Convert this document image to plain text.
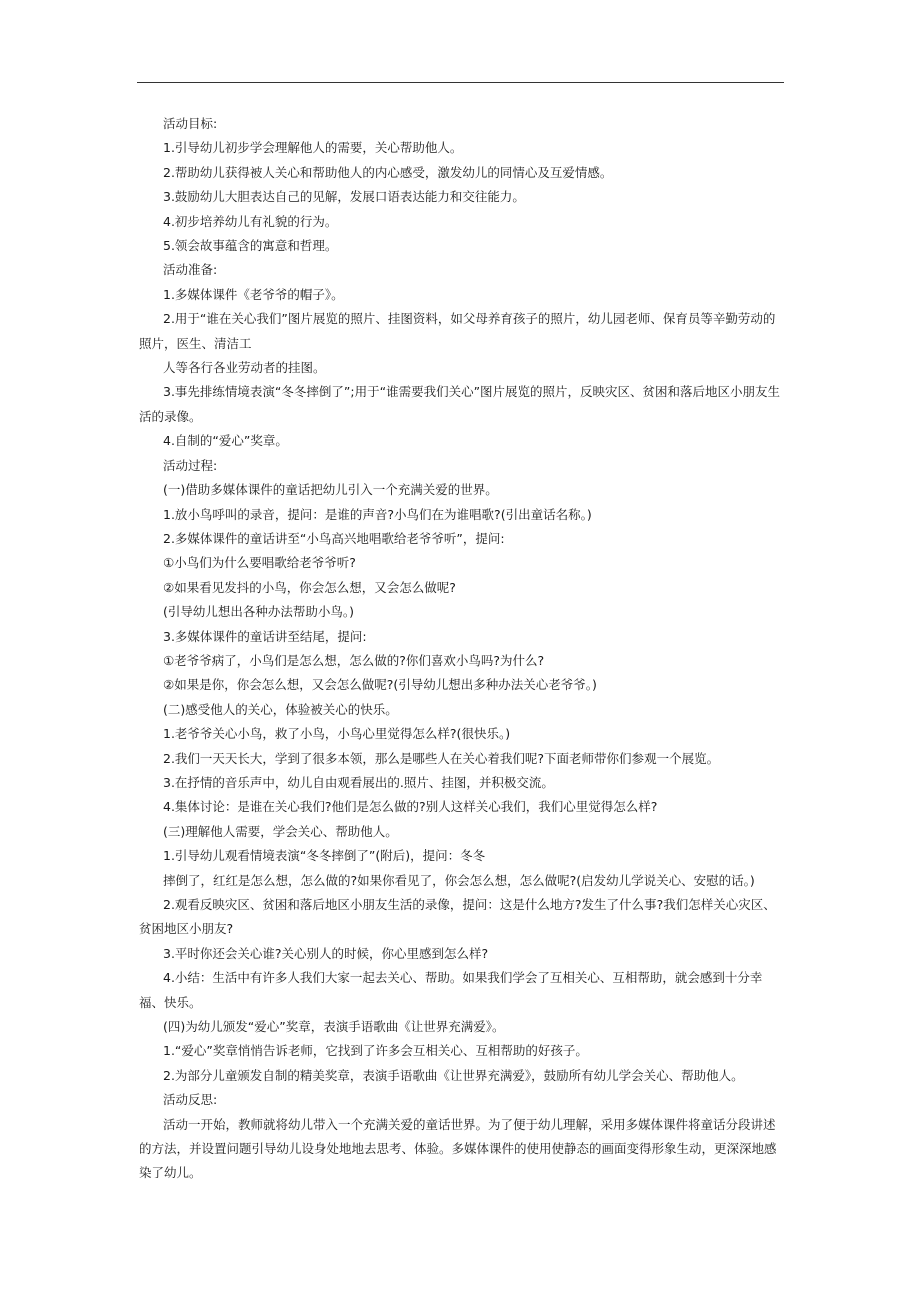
活动目标:

1.引导幼儿初步学会理解他人的需要，关心帮助他人。

2.帮助幼儿获得被人关心和帮助他人的内心感受，激发幼儿的同情心及互爱情感。

3.鼓励幼儿大胆表达自己的见解，发展口语表达能力和交往能力。

4.初步培养幼儿有礼貌的行为。

5.领会故事蕴含的寓意和哲理。

活动准备:

1.多媒体课件《老爷爷的帽子》。

2.用于“谁在关心我们”图片展览的照片、挂图资料，如父母养育孩子的照片，幼儿园老师、保育员等辛勤劳动的照片，医生、清洁工

人等各行各业劳动者的挂图。

3.事先排练情境表演“冬冬摔倒了”;用于“谁需要我们关心”图片展览的照片，反映灾区、贫困和落后地区小朋友生活的录像。

4.自制的“爱心”奖章。

活动过程:

(一)借助多媒体课件的童话把幼儿引入一个充满关爱的世界。

1.放小鸟呼叫的录音，提问：是谁的声音?小鸟们在为谁唱歌?(引出童话名称。)

2.多媒体课件的童话讲至“小鸟高兴地唱歌给老爷爷听”，提问:

①小鸟们为什么要唱歌给老爷爷听?

②如果看见发抖的小鸟，你会怎么想，又会怎么做呢?

(引导幼儿想出各种办法帮助小鸟。)

3.多媒体课件的童话讲至结尾，提问:

①老爷爷病了，小鸟们是怎么想，怎么做的?你们喜欢小鸟吗?为什么?

②如果是你，你会怎么想，又会怎么做呢?(引导幼儿想出多种办法关心老爷爷。)

(二)感受他人的关心，体验被关心的快乐。

1.老爷爷关心小鸟，救了小鸟，小鸟心里觉得怎么样?(很快乐。)

2.我们一天天长大，学到了很多本领，那么是哪些人在关心着我们呢?下面老师带你们参观一个展览。

3.在抒情的音乐声中，幼儿自由观看展出的.照片、挂图，并积极交流。

4.集体讨论：是谁在关心我们?他们是怎么做的?别人这样关心我们，我们心里觉得怎么样?

(三)理解他人需要，学会关心、帮助他人。

1.引导幼儿观看情境表演“冬冬摔倒了”(附后)，提问：冬冬

摔倒了，红红是怎么想，怎么做的?如果你看见了，你会怎么想，怎么做呢?(启发幼儿学说关心、安慰的话。)

2.观看反映灾区、贫困和落后地区小朋友生活的录像，提问：这是什么地方?发生了什么事?我们怎样关心灾区、贫困地区小朋友?

3.平时你还会关心谁?关心别人的时候，你心里感到怎么样?

4.小结：生活中有许多人我们大家一起去关心、帮助。如果我们学会了互相关心、互相帮助，就会感到十分幸福、快乐。

(四)为幼儿颁发“爱心”奖章，表演手语歌曲《让世界充满爱》。

1.“爱心”奖章悄悄告诉老师，它找到了许多会互相关心、互相帮助的好孩子。

2.为部分儿童颁发自制的精美奖章，表演手语歌曲《让世界充满爱》，鼓励所有幼儿学会关心、帮助他人。

活动反思:

活动一开始，教师就将幼儿带入一个充满关爱的童话世界。为了便于幼儿理解，采用多媒体课件将童话分段讲述的方法，并设置问题引导幼儿设身处地地去思考、体验。多媒体课件的使用使静态的画面变得形象生动，更深深地感染了幼儿。
